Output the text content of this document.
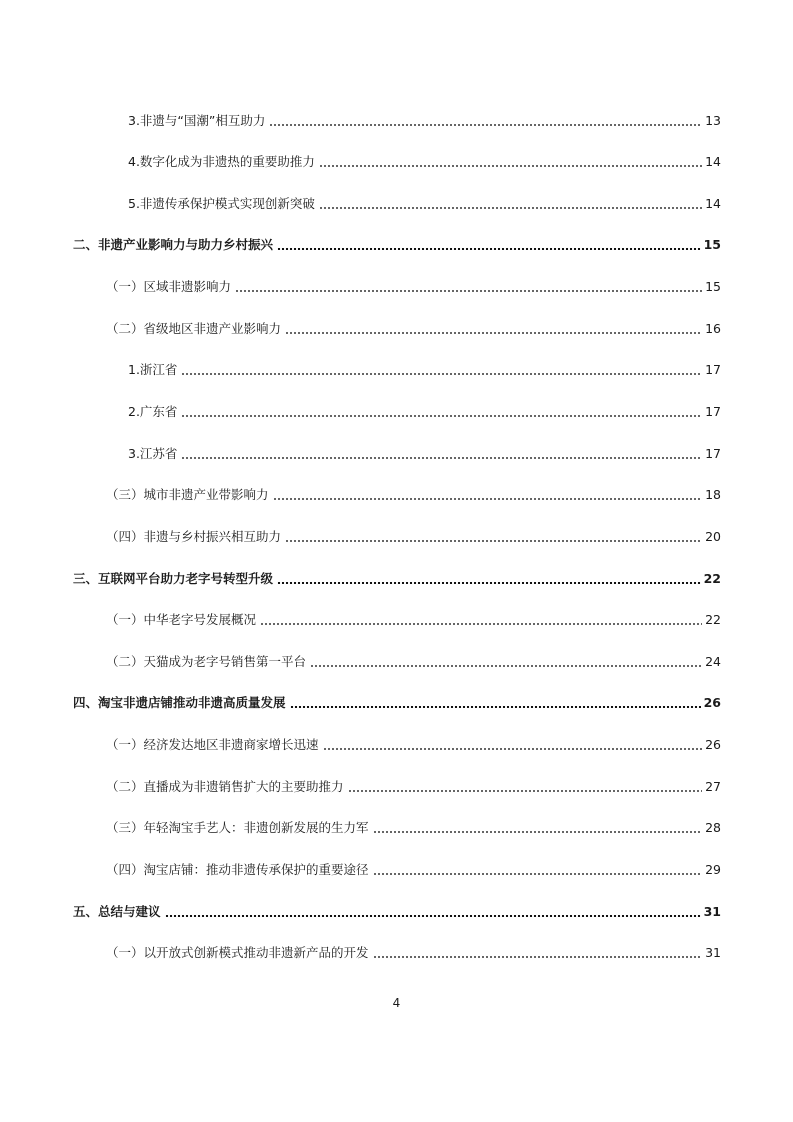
3.非遗与“国潮”相互助力	13
4.数字化成为非遗热的重要助推力	14
5.非遗传承保护模式实现创新突破	14
二、非遗产业影响力与助力乡村振兴	15
（一）区域非遗影响力	15
（二）省级地区非遗产业影响力	16
1.浙江省	17
2.广东省	17
3.江苏省	17
（三）城市非遗产业带影响力	18
（四）非遗与乡村振兴相互助力	20
三、互联网平台助力老字号转型升级	22
（一）中华老字号发展概况	22
（二）天猫成为老字号销售第一平台	24
四、淘宝非遗店铺推动非遗高质量发展	26
（一）经济发达地区非遗商家增长迅速	26
（二）直播成为非遗销售扩大的主要助推力	27
（三）年轻淘宝手艺人：非遗创新发展的生力军	28
（四）淘宝店铺：推动非遗传承保护的重要途径	29
五、总结与建议	31
（一）以开放式创新模式推动非遗新产品的开发	31
4
